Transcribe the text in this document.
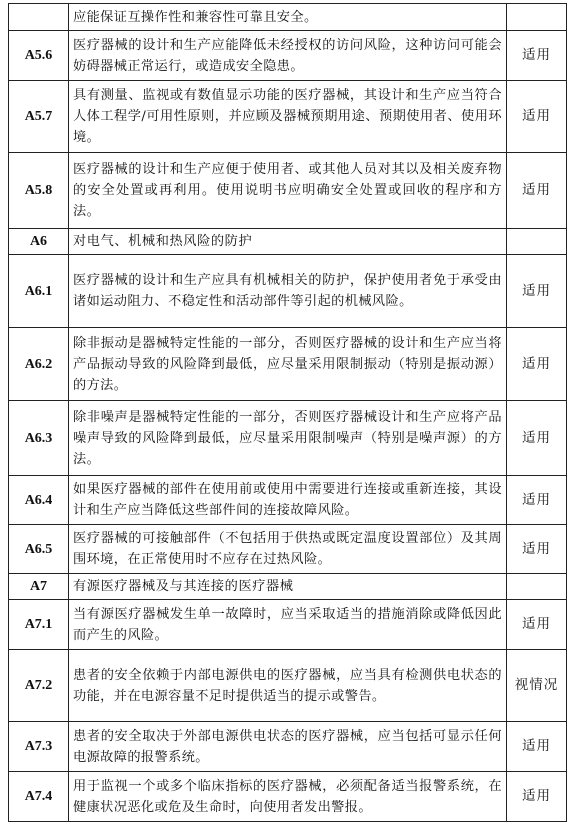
	应能保证互操作性和兼容性可靠且安全。	
A5.6	医疗器械的设计和生产应能降低未经授权的访问风险，这种访问可能会妨碍器械正常运行，或造成安全隐患。	适用
A5.7	具有测量、监视或有数值显示功能的医疗器械，其设计和生产应当符合人体工程学/可用性原则，并应顾及器械预期用途、预期使用者、使用环境。	适用
A5.8	医疗器械的设计和生产应便于使用者、或其他人员对其以及相关废弃物的安全处置或再利用。使用说明书应明确安全处置或回收的程序和方法。	适用
A6	对电气、机械和热风险的防护	
A6.1	医疗器械的设计和生产应具有机械相关的防护，保护使用者免于承受由诸如运动阻力、不稳定性和活动部件等引起的机械风险。	适用
A6.2	除非振动是器械特定性能的一部分，否则医疗器械的设计和生产应当将产品振动导致的风险降到最低，应尽量采用限制振动（特别是振动源）的方法。	适用
A6.3	除非噪声是器械特定性能的一部分，否则医疗器械设计和生产应将产品噪声导致的风险降到最低，应尽量采用限制噪声（特别是噪声源）的方法。	适用
A6.4	如果医疗器械的部件在使用前或使用中需要进行连接或重新连接，其设计和生产应当降低这些部件间的连接故障风险。	适用
A6.5	医疗器械的可接触部件（不包括用于供热或既定温度设置部位）及其周围环境，在正常使用时不应存在过热风险。	适用
A7	有源医疗器械及与其连接的医疗器械	
A7.1	当有源医疗器械发生单一故障时，应当采取适当的措施消除或降低因此而产生的风险。	适用
A7.2	患者的安全依赖于内部电源供电的医疗器械，应当具有检测供电状态的功能，并在电源容量不足时提供适当的提示或警告。	视情况
A7.3	患者的安全取决于外部电源供电状态的医疗器械，应当包括可显示任何电源故障的报警系统。	适用
A7.4	用于监视一个或多个临床指标的医疗器械，必须配备适当报警系统，在健康状况恶化或危及生命时，向使用者发出警报。	适用
